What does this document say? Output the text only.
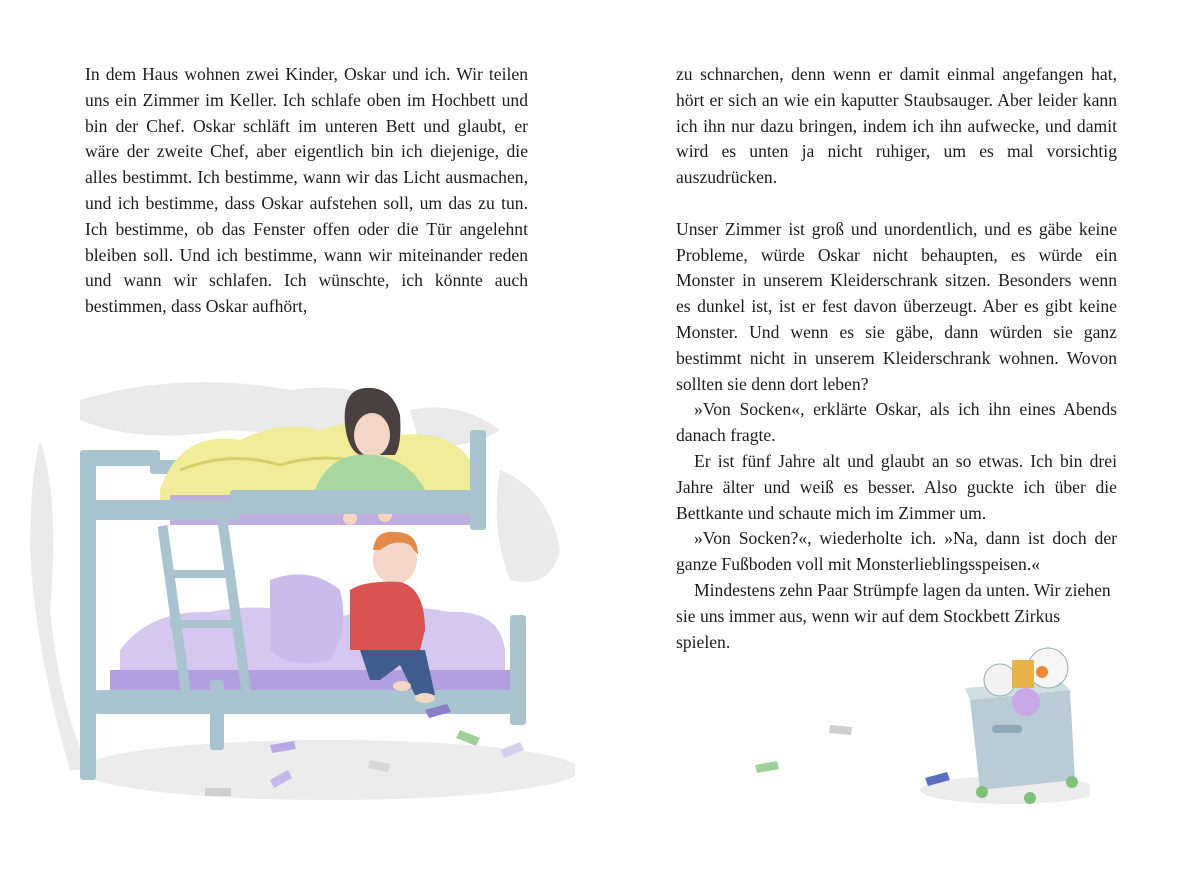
In dem Haus wohnen zwei Kinder, Oskar und ich. Wir teilen uns ein Zimmer im Keller. Ich schlafe oben im Hochbett und bin der Chef. Oskar schläft im unteren Bett und glaubt, er wäre der zweite Chef, aber eigentlich bin ich diejenige, die alles bestimmt. Ich bestimme, wann wir das Licht ausmachen, und ich bestimme, dass Oskar aufstehen soll, um das zu tun. Ich bestimme, ob das Fenster offen oder die Tür angelehnt bleiben soll. Und ich bestimme, wann wir miteinander reden und wann wir schlafen. Ich wünschte, ich könnte auch bestimmen, dass Oskar aufhört,

zu schnarchen, denn wenn er damit einmal angefangen hat, hört er sich an wie ein kaputter Staubsauger. Aber leider kann ich ihn nur dazu bringen, indem ich ihn aufwecke, und damit wird es unten ja nicht ruhiger, um es mal vorsichtig auszudrücken.

Unser Zimmer ist groß und unordentlich, und es gäbe keine Probleme, würde Oskar nicht behaupten, es würde ein Monster in unserem Kleiderschrank sitzen. Besonders wenn es dunkel ist, ist er fest davon überzeugt. Aber es gibt keine Monster. Und wenn es sie gäbe, dann würden sie ganz bestimmt nicht in unserem Kleiderschrank wohnen. Wovon sollten sie denn dort leben?

»Von Socken«, erklärte Oskar, als ich ihn eines Abends danach fragte.

Er ist fünf Jahre alt und glaubt an so etwas. Ich bin drei Jahre älter und weiß es besser. Also guckte ich über die Bettkante und schaute mich im Zimmer um.

»Von Socken?«, wiederholte ich. »Na, dann ist doch der ganze Fußboden voll mit Monsterlieblingsspeisen.«

Mindestens zehn Paar Strümpfe lagen da unten. Wir ziehen sie uns immer aus, wenn wir auf dem Stockbett Zirkus spielen.
